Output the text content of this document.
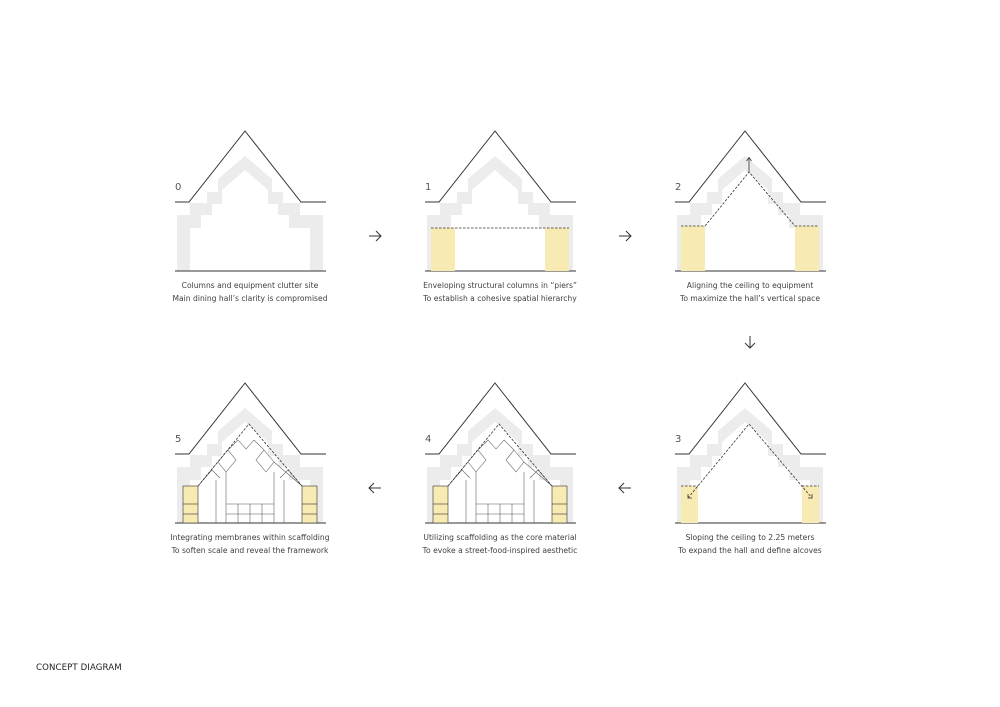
0
Columns and equipment clutter site
Main dining hall’s clarity is compromised
1
Enveloping structural columns in “piers”
To establish a cohesive spatial hierarchy
2
Aligning the ceiling to equipment
To maximize the hall’s vertical space
5
Integrating membranes within scaffolding
To soften scale and reveal the framework
4
Utilizing scaffolding as the core material
To evoke a street-food-inspired aesthetic
3
Sloping the ceiling to 2.25 meters
To expand the hall and define alcoves
CONCEPT DIAGRAM
